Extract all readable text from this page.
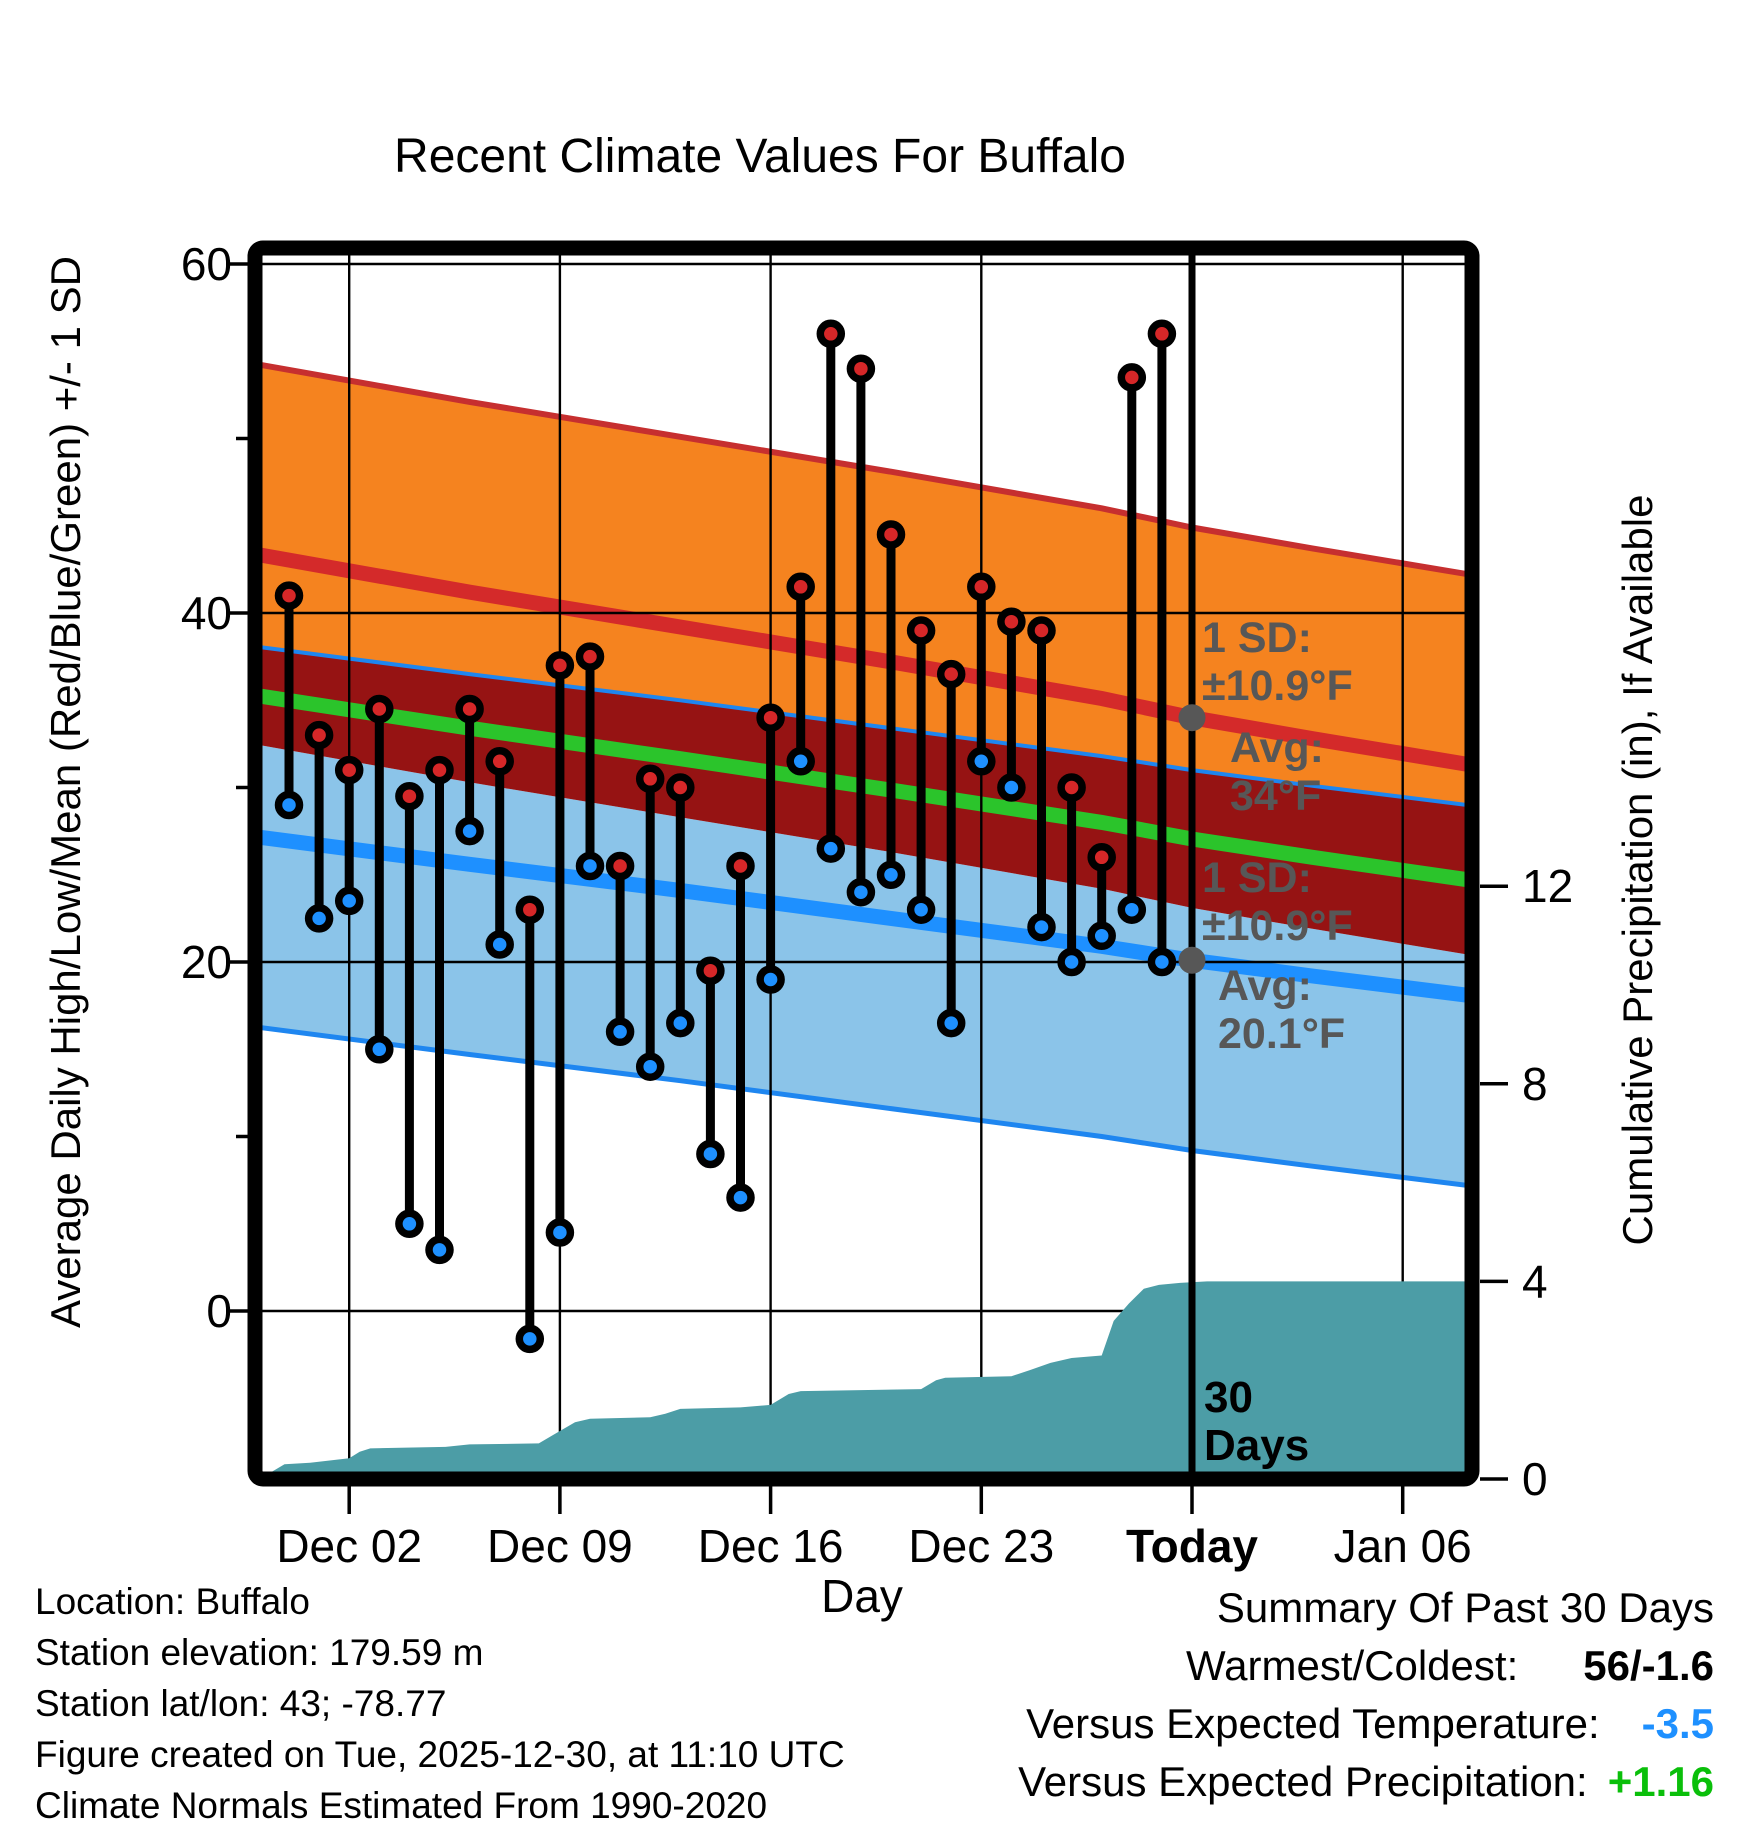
1 SD:
±10.9°F
Avg:
34°F
1 SD:
±10.9°F
Avg:
20.1°F
30
Days
60
40
20
0
12
8
4
0
Dec 02 Dec 09 Dec 16 Dec 23 Today Jan 06
Day
Average Daily High/Low/Mean (Red/Blue/Green) +/- 1 SD	Cumulative Precipitation (in), If Available
Recent Climate Values For Buffalo
Location: Buffalo
Station elevation: 179.59 m
Station lat/lon: 43; -78.77
Figure created on Tue, 2025-12-30, at 11:10 UTC
Climate Normals Estimated From 1990-2020
Summary Of Past 30 Days
Warmest/Coldest: 56/-1.6
Versus Expected Temperature: -3.5
Versus Expected Precipitation: +1.16
